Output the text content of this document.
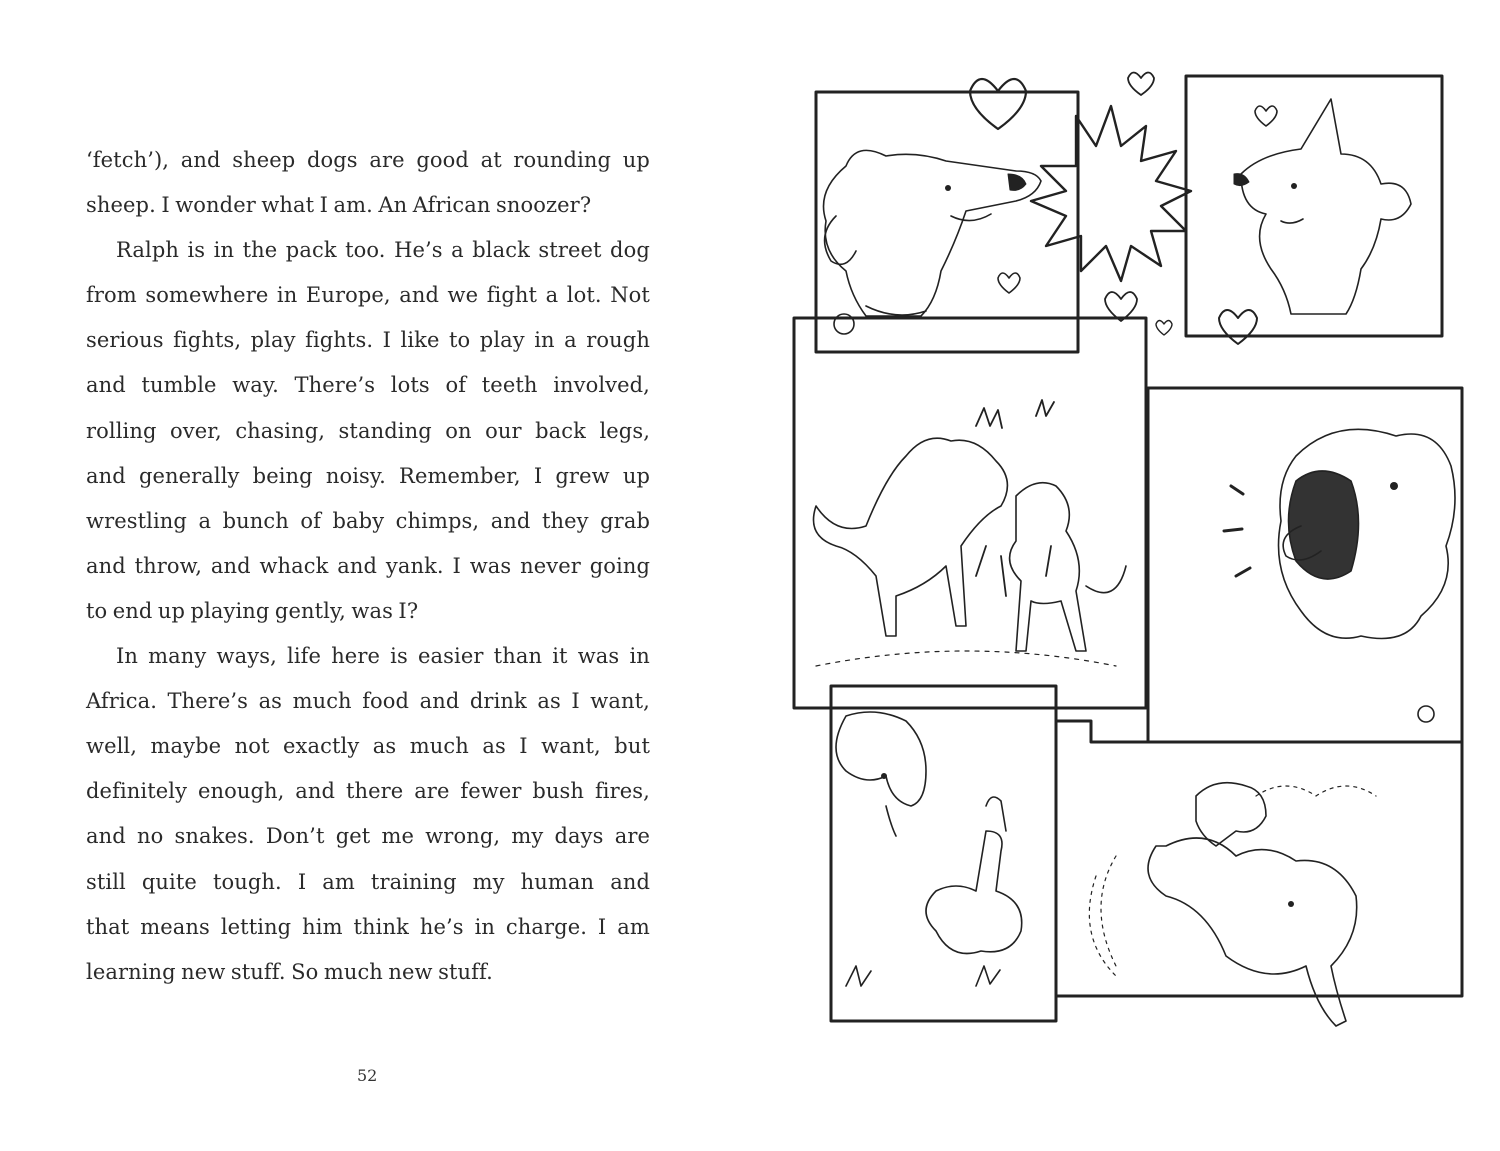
‘fetch’), and sheep dogs are good at rounding up
sheep. I wonder what I am. An African snoozer?
Ralph is in the pack too. He’s a black street dog
from somewhere in Europe, and we fight a lot. Not
serious fights, play fights. I like to play in a rough
and tumble way. There’s lots of teeth involved,
rolling over, chasing, standing on our back legs,
and generally being noisy. Remember, I grew up
wrestling a bunch of baby chimps, and they grab
and throw, and whack and yank. I was never going
to end up playing gently, was I?
In many ways, life here is easier than it was in
Africa. There’s as much food and drink as I want,
well, maybe not exactly as much as I want, but
definitely enough, and there are fewer bush fires,
and no snakes. Don’t get me wrong, my days are
still quite tough. I am training my human and
that means letting him think he’s in charge. I am
learning new stuff. So much new stuff.
52
